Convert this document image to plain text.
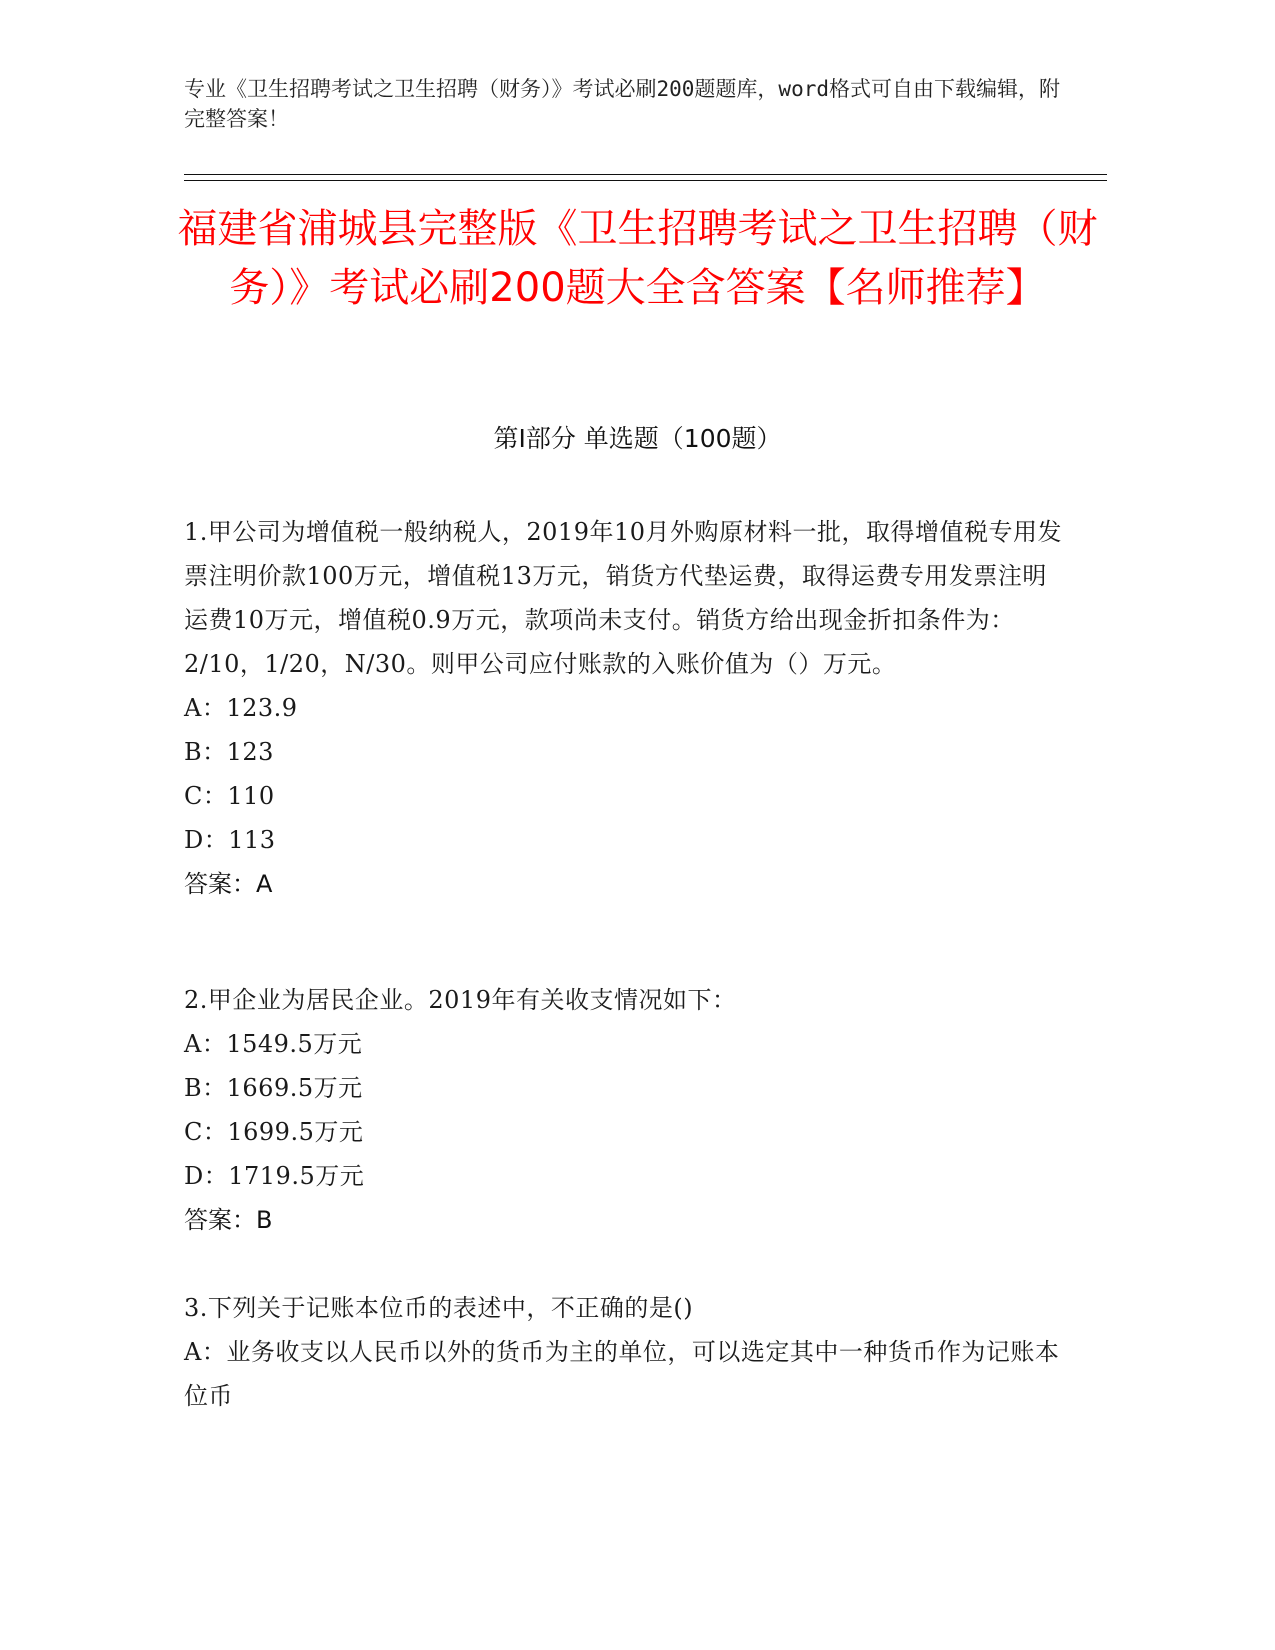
专业《卫生招聘考试之卫生招聘（财务）》考试必刷200题题库，word格式可自由下载编辑，附完整答案！

福建省浦城县完整版《卫生招聘考试之卫生招聘（财务）》考试必刷200题大全含答案【名师推荐】
第Ⅰ部分 单选题（100题）

1.甲公司为增值税一般纳税人，2019年10月外购原材料一批，取得增值税专用发票注明价款100万元，增值税13万元，销货方代垫运费，取得运费专用发票注明运费10万元，增值税0.9万元，款项尚未支付。销货方给出现金折扣条件为：2/10，1/20，N/30。则甲公司应付账款的入账价值为（）万元。

A：123.9

B：123

C：110

D：113

答案：A

2.甲企业为居民企业。2019年有关收支情况如下：

A：1549.5万元

B：1669.5万元

C：1699.5万元

D：1719.5万元

答案：B

3.下列关于记账本位币的表述中，不正确的是()

A：业务收支以人民币以外的货币为主的单位，可以选定其中一种货币作为记账本位币
